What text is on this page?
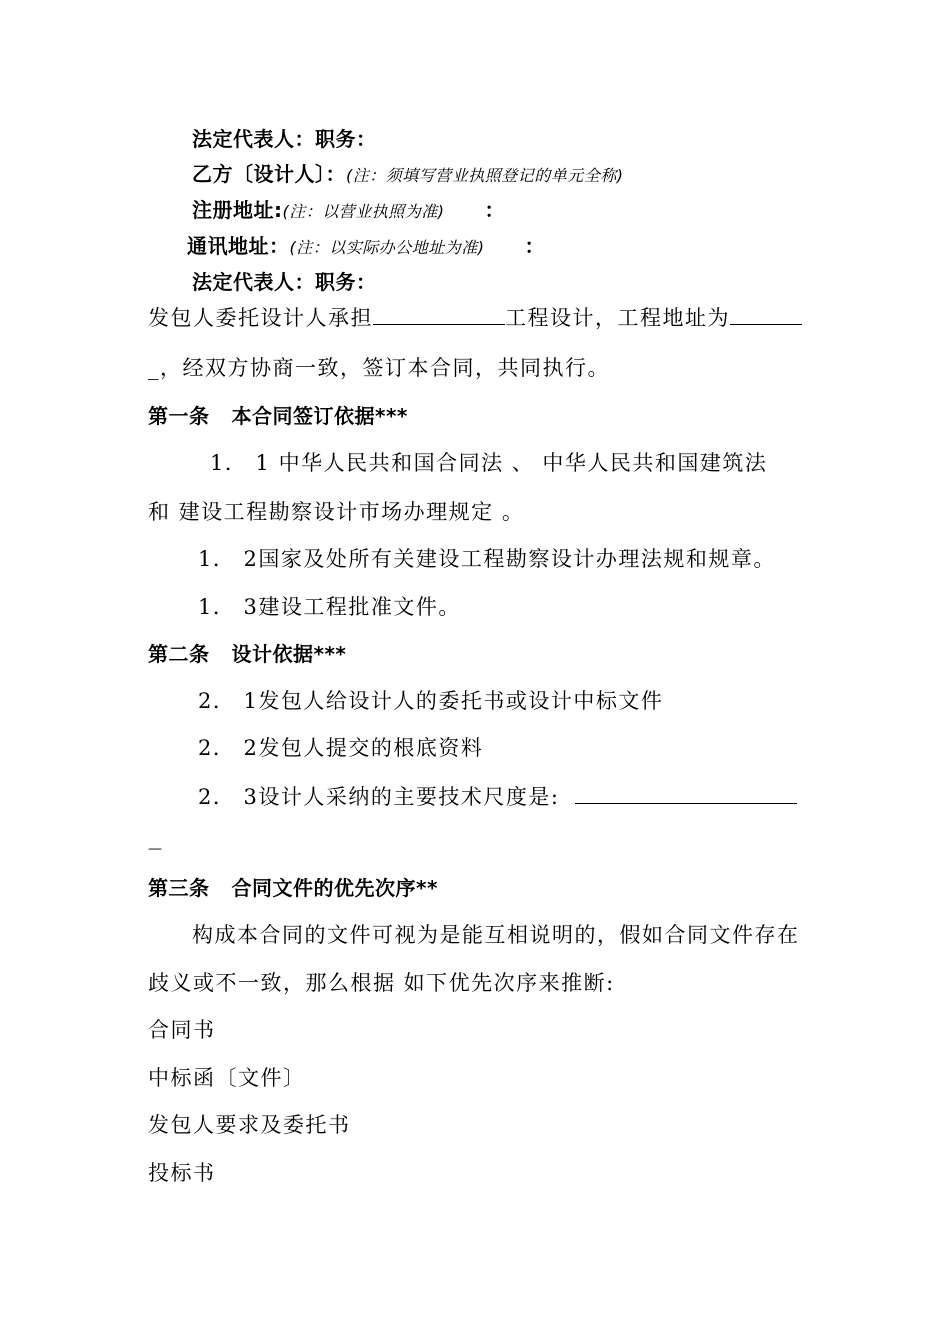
法定代表人：职务：
乙方〔设计人〕：(注：须填写营业执照登记的单元全称)
注册地址:(注：以营业执照为准) ：
通讯地址：(注：以实际办公地址为准) ：
法定代表人：职务：
发包人委托设计人承担	工程设计，工程地址为
_，经双方协商一致，签订本合同，共同执行。
第一条 本合同签订依据***
1． 1 中华人民共和国合同法 、 中华人民共和国建筑法
和 建设工程勘察设计市场办理规定 。
1． 2国家及处所有关建设工程勘察设计办理法规和规章。
1． 3建设工程批准文件。
第二条 设计依据***
2． 1发包人给设计人的委托书或设计中标文件
2． 2发包人提交的根底资料
2． 3设计人采纳的主要技术尺度是:
—
第三条 合同文件的优先次序**
构成本合同的文件可视为是能互相说明的，假如合同文件存在
歧义或不一致，那么根据 如下优先次序来推断:
合同书
中标函〔文件〕
发包人要求及委托书
投标书
